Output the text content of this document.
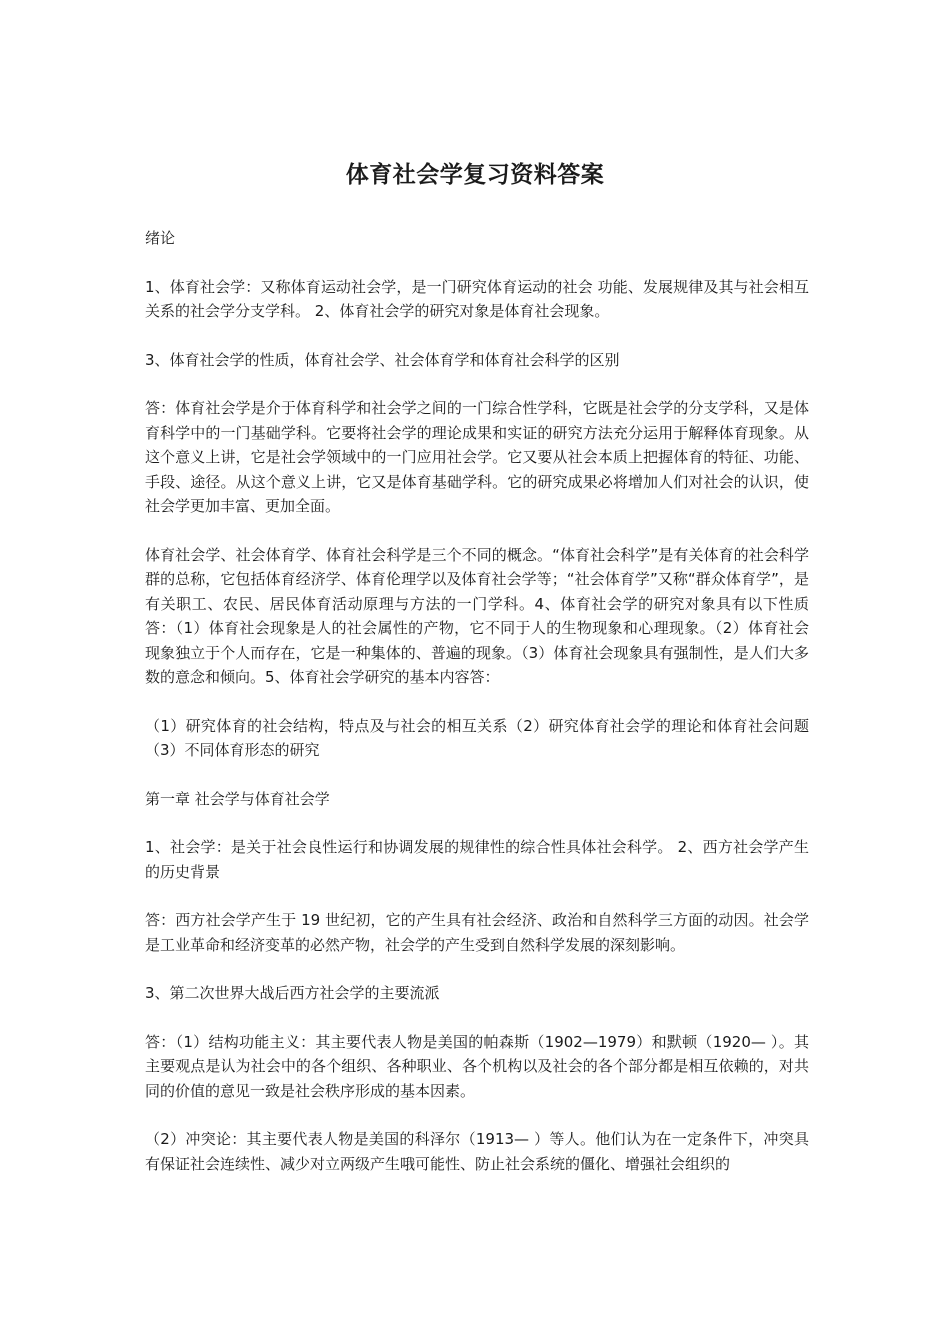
体育社会学复习资料答案

绪论

1、体育社会学：又称体育运动社会学，是一门研究体育运动的社会 功能、发展规律及其与社会相互关系的社会学分支学科。 2、体育社会学的研究对象是体育社会现象。

3、体育社会学的性质，体育社会学、社会体育学和体育社会科学的区别

答：体育社会学是介于体育科学和社会学之间的一门综合性学科，它既是社会学的分支学科，又是体育科学中的一门基础学科。它要将社会学的理论成果和实证的研究方法充分运用于解释体育现象。从这个意义上讲，它是社会学领域中的一门应用社会学。它又要从社会本质上把握体育的特征、功能、手段、途径。从这个意义上讲，它又是体育基础学科。它的研究成果必将增加人们对社会的认识，使社会学更加丰富、更加全面。

体育社会学、社会体育学、体育社会科学是三个不同的概念。“体育社会科学”是有关体育的社会科学群的总称，它包括体育经济学、体育伦理学以及体育社会学等；“社会体育学”又称“群众体育学”，是有关职工、农民、居民体育活动原理与方法的一门学科。4、体育社会学的研究对象具有以下性质 答：（1）体育社会现象是人的社会属性的产物，它不同于人的生物现象和心理现象。（2）体育社会现象独立于个人而存在，它是一种集体的、普遍的现象。（3）体育社会现象具有强制性，是人们大多数的意念和倾向。5、体育社会学研究的基本内容答：

（1）研究体育的社会结构，特点及与社会的相互关系（2）研究体育社会学的理论和体育社会问题 （3）不同体育形态的研究

第一章 社会学与体育社会学

1、社会学：是关于社会良性运行和协调发展的规律性的综合性具体社会科学。 2、西方社会学产生的历史背景

答：西方社会学产生于 19 世纪初，它的产生具有社会经济、政治和自然科学三方面的动因。社会学是工业革命和经济变革的必然产物，社会学的产生受到自然科学发展的深刻影响。

3、第二次世界大战后西方社会学的主要流派

答：（1）结构功能主义：其主要代表人物是美国的帕森斯（1902—1979）和默顿（1920— ）。其主要观点是认为社会中的各个组织、各种职业、各个机构以及社会的各个部分都是相互依赖的，对共同的价值的意见一致是社会秩序形成的基本因素。

（2）冲突论：其主要代表人物是美国的科泽尔（1913— ）等人。他们认为在一定条件下，冲突具有保证社会连续性、减少对立两级产生哦可能性、防止社会系统的僵化、增强社会组织的
